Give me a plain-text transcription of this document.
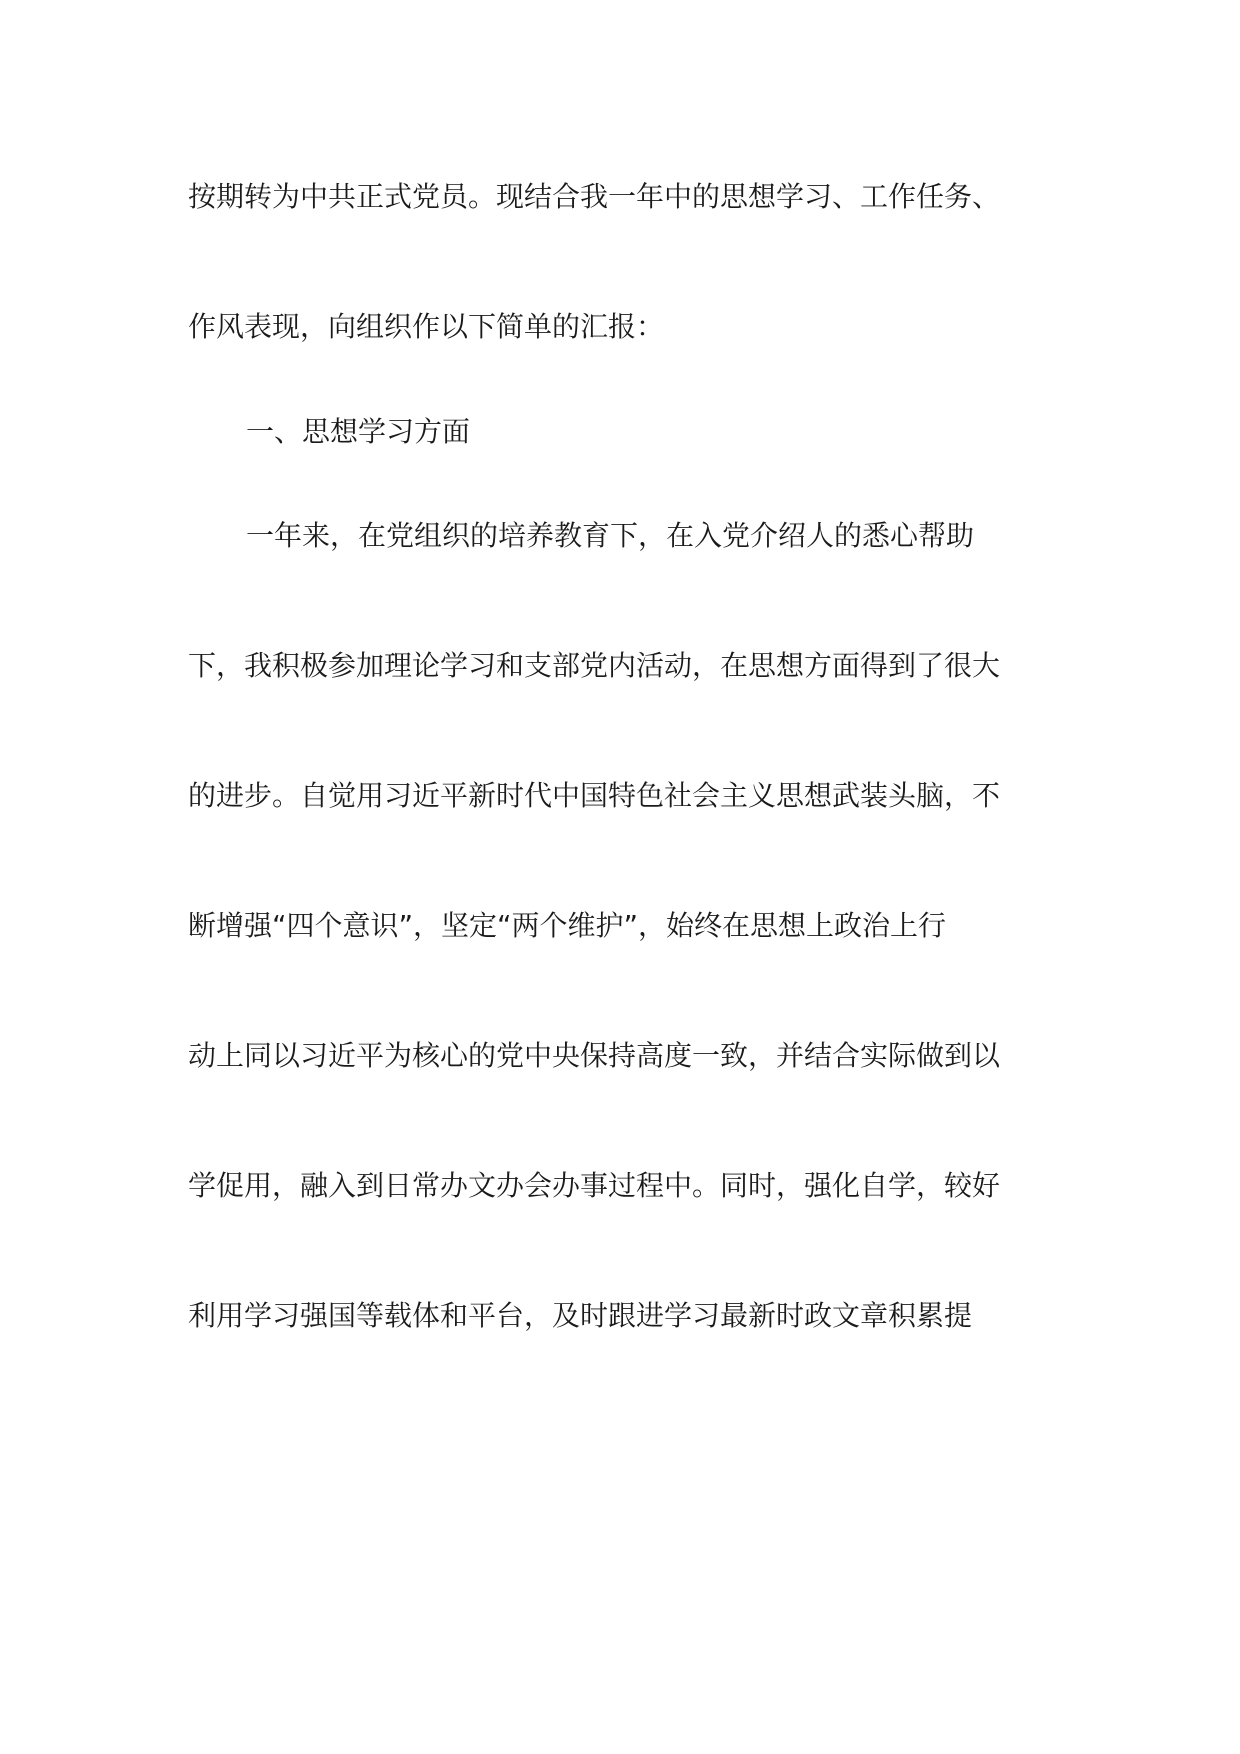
按期转为中共正式党员。现结合我一年中的思想学习、工作任务、
作风表现，向组织作以下简单的汇报：
一、思想学习方面
一年来，在党组织的培养教育下，在入党介绍人的悉心帮助
下，我积极参加理论学习和支部党内活动，在思想方面得到了很大
的进步。自觉用习近平新时代中国特色社会主义思想武装头脑，不
断增强“四个意识”，坚定“两个维护”，始终在思想上政治上行
动上同以习近平为核心的党中央保持高度一致，并结合实际做到以
学促用，融入到日常办文办会办事过程中。同时，强化自学，较好
利用学习强国等载体和平台，及时跟进学习最新时政文章积累提
